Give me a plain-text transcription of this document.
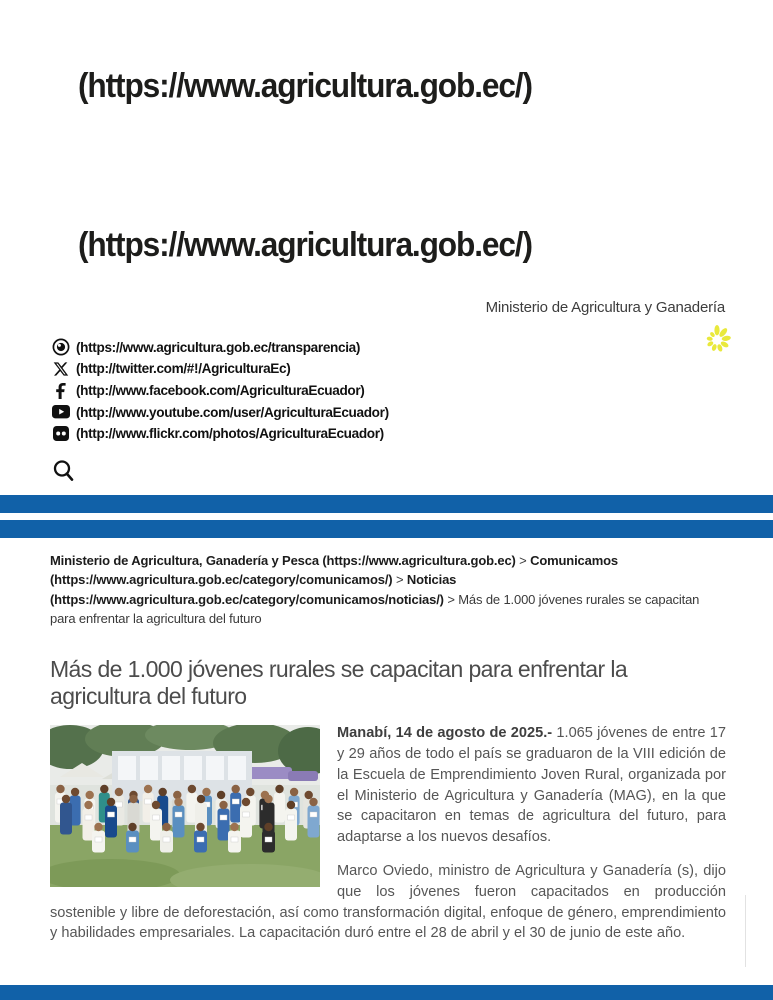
(https://www.agricultura.gob.ec/)
(https://www.agricultura.gob.ec/)
Ministerio de Agricultura y Ganadería
(https://www.agricultura.gob.ec/transparencia)
(http://twitter.com/#!/AgriculturaEc)
(http://www.facebook.com/AgriculturaEcuador)
(http://www.youtube.com/user/AgriculturaEcuador)
(http://www.flickr.com/photos/AgriculturaEcuador)
Ministerio de Agricultura, Ganadería y Pesca (https://www.agricultura.gob.ec) > Comunicamos (https://www.agricultura.gob.ec/category/comunicamos/) > Noticias (https://www.agricultura.gob.ec/category/comunicamos/noticias/) > Más de 1.000 jóvenes rurales se capacitan para enfrentar la agricultura del futuro
Más de 1.000 jóvenes rurales se capacitan para enfrentar la agricultura del futuro

Manabí, 14 de agosto de 2025.- 1.065 jóvenes de entre 17 y 29 años de todo el país se graduaron de la VIII edición de la Escuela de Emprendimiento Joven Rural, organizada por el Ministerio de Agricultura y Ganadería (MAG), en la que se capacitaron en temas de agricultura del futuro, para adaptarse a los nuevos desafíos.

Marco Oviedo, ministro de Agricultura y Ganadería (s), dijo que los jóvenes fueron capacitados en producción sostenible y libre de deforestación, así como transformación digital, enfoque de género, emprendimiento y habilidades empresariales. La capacitación duró entre el 28 de abril y el 30 de junio de este año.
